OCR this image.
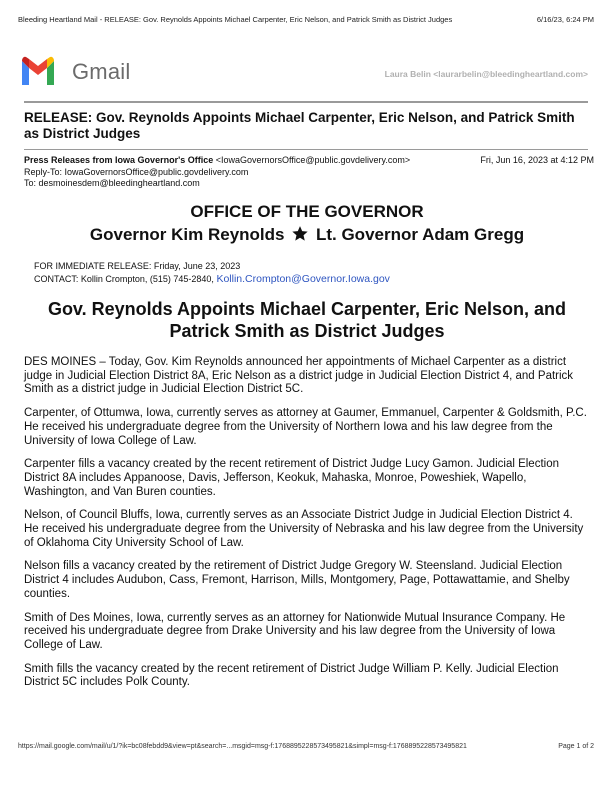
Bleeding Heartland Mail - RELEASE: Gov. Reynolds Appoints Michael Carpenter, Eric Nelson, and Patrick Smith as District Judges	6/16/23, 6:24 PM
Gmail	Laura Belin <laurarbelin@bleedingheartland.com>
RELEASE: Gov. Reynolds Appoints Michael Carpenter, Eric Nelson, and Patrick Smith as District Judges
Press Releases from Iowa Governor's Office <IowaGovernorsOffice@public.govdelivery.com>	Fri, Jun 16, 2023 at 4:12 PM
Reply-To: IowaGovernorsOffice@public.govdelivery.com
To: desmoinesdem@bleedingheartland.com
OFFICE OF THE GOVERNOR
Governor Kim Reynolds Lt. Governor Adam Gregg
FOR IMMEDIATE RELEASE: Friday, June 23, 2023
CONTACT: Kollin Crompton, (515) 745-2840, Kollin.Crompton@Governor.Iowa.gov
Gov. Reynolds Appoints Michael Carpenter, Eric Nelson, and Patrick Smith as District Judges

DES MOINES – Today, Gov. Kim Reynolds announced her appointments of Michael Carpenter as a district judge in Judicial Election District 8A, Eric Nelson as a district judge in Judicial Election District 4, and Patrick Smith as a district judge in Judicial Election District 5C.

Carpenter, of Ottumwa, Iowa, currently serves as attorney at Gaumer, Emmanuel, Carpenter & Goldsmith, P.C. He received his undergraduate degree from the University of Northern Iowa and his law degree from the University of Iowa College of Law.

Carpenter fills a vacancy created by the recent retirement of District Judge Lucy Gamon. Judicial Election District 8A includes Appanoose, Davis, Jefferson, Keokuk, Mahaska, Monroe, Poweshiek, Wapello, Washington, and Van Buren counties.

Nelson, of Council Bluffs, Iowa, currently serves as an Associate District Judge in Judicial Election District 4. He received his undergraduate degree from the University of Nebraska and his law degree from the University of Oklahoma City University School of Law.

Nelson fills a vacancy created by the retirement of District Judge Gregory W. Steensland. Judicial Election District 4 includes Audubon, Cass, Fremont, Harrison, Mills, Montgomery, Page, Pottawattamie, and Shelby counties.

Smith of Des Moines, Iowa, currently serves as an attorney for Nationwide Mutual Insurance Company. He received his undergraduate degree from Drake University and his law degree from the University of Iowa College of Law.

Smith fills the vacancy created by the recent retirement of District Judge William P. Kelly. Judicial Election District 5C includes Polk County.

https://mail.google.com/mail/u/1/?ik=bc08febdd9&view=pt&search=...msgid=msg-f:1768895228573495821&simpl=msg-f:1768895228573495821	Page 1 of 2
